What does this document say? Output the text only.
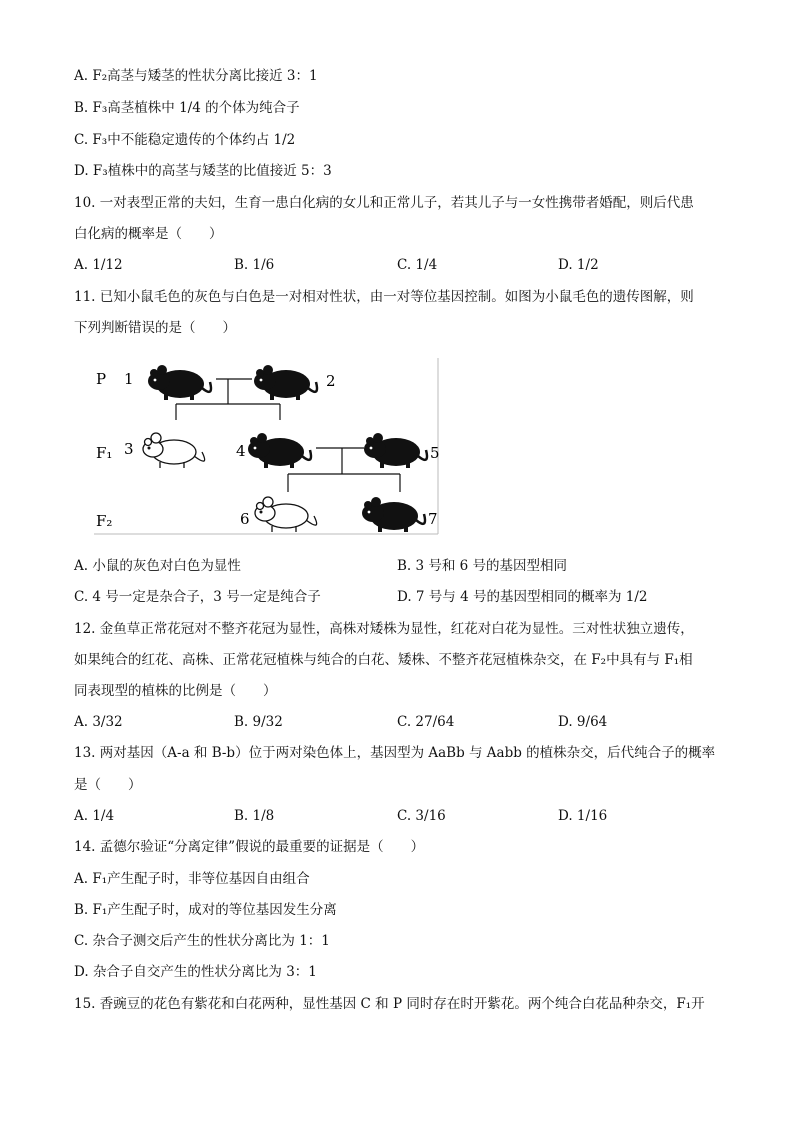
A. F₂高茎与矮茎的性状分离比接近 3：1
B. F₃高茎植株中 1/4 的个体为纯合子
C. F₃中不能稳定遗传的个体约占 1/2
D. F₃植株中的高茎与矮茎的比值接近 5：3
10. 一对表型正常的夫妇，生育一患白化病的女儿和正常儿子，若其儿子与一女性携带者婚配，则后代患
白化病的概率是（　　）
A. 1/12	B. 1/6	C. 1/4	D. 1/2
11. 已知小鼠毛色的灰色与白色是一对相对性状，由一对等位基因控制。如图为小鼠毛色的遗传图解，则
下列判断错误的是（　　）
P
F₁
F₂
1	2
3	4	5
6	7
A. 小鼠的灰色对白色为显性	B. 3 号和 6 号的基因型相同
C. 4 号一定是杂合子，3 号一定是纯合子	D. 7 号与 4 号的基因型相同的概率为 1/2
12. 金鱼草正常花冠对不整齐花冠为显性，高株对矮株为显性，红花对白花为显性。三对性状独立遗传，
如果纯合的红花、高株、正常花冠植株与纯合的白花、矮株、不整齐花冠植株杂交，在 F₂中具有与 F₁相
同表现型的植株的比例是（　　）
A. 3/32	B. 9/32	C. 27/64	D. 9/64
13. 两对基因（A-a 和 B-b）位于两对染色体上，基因型为 AaBb 与 Aabb 的植株杂交，后代纯合子的概率
是（　　）
A. 1/4	B. 1/8	C. 3/16	D. 1/16
14. 孟德尔验证“分离定律”假说的最重要的证据是（　　）
A. F₁产生配子时，非等位基因自由组合
B. F₁产生配子时，成对的等位基因发生分离
C. 杂合子测交后产生的性状分离比为 1：1
D. 杂合子自交产生的性状分离比为 3：1
15. 香豌豆的花色有紫花和白花两种，显性基因 C 和 P 同时存在时开紫花。两个纯合白花品种杂交，F₁开
